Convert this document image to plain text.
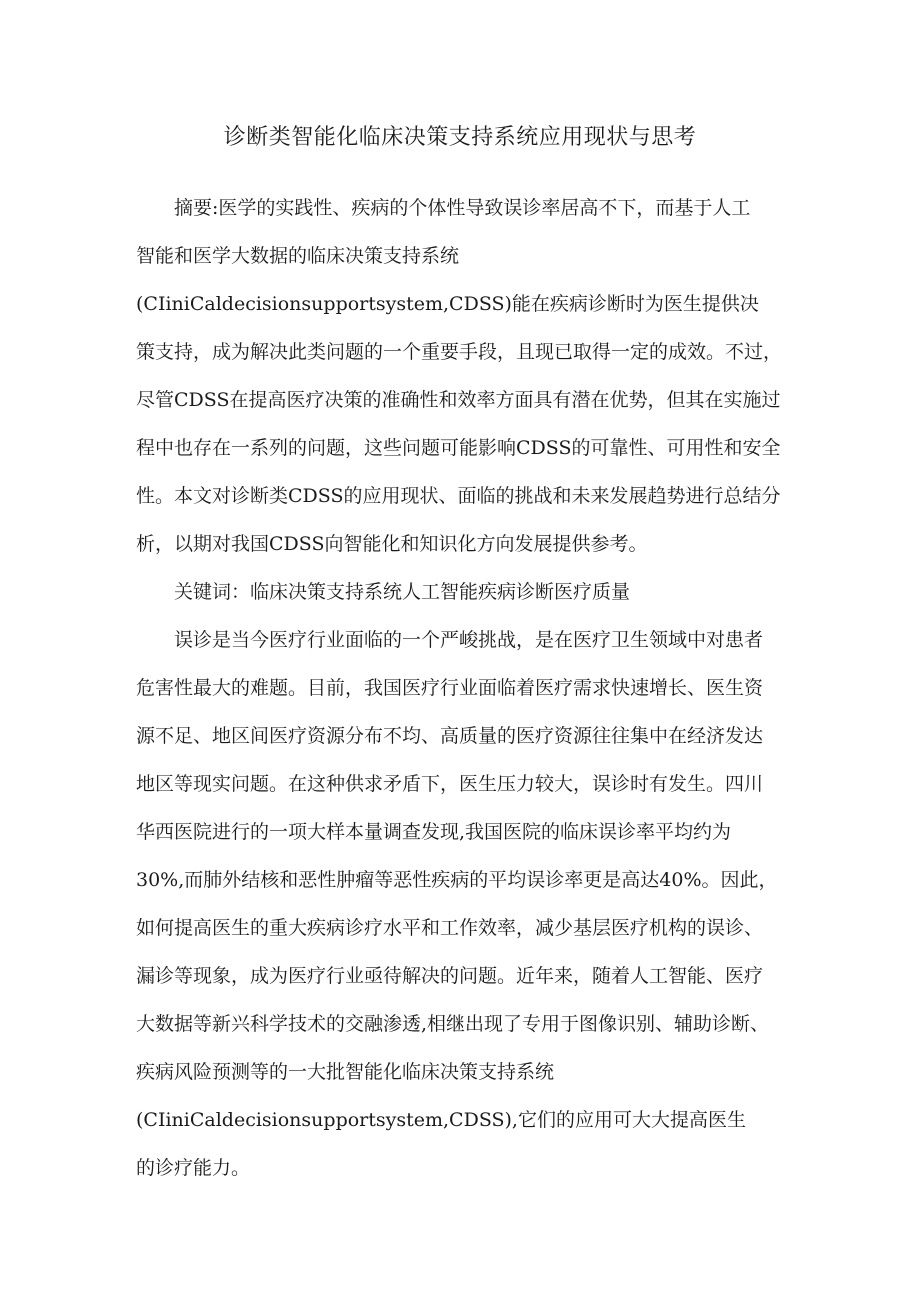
诊断类智能化临床决策支持系统应用现状与思考
摘要:医学的实践性、疾病的个体性导致误诊率居高不下，而基于人工
智能和医学大数据的临床决策支持系统
(CIiniCaldecisionsupportsystem,CDSS)能在疾病诊断时为医生提供决
策支持，成为解决此类问题的一个重要手段，且现已取得一定的成效。不过，
尽管CDSS在提高医疗决策的准确性和效率方面具有潜在优势，但其在实施过
程中也存在一系列的问题，这些问题可能影响CDSS的可靠性、可用性和安全
性。本文对诊断类CDSS的应用现状、面临的挑战和未来发展趋势进行总结分
析，以期对我国CDSS向智能化和知识化方向发展提供参考。
关键词：临床决策支持系统人工智能疾病诊断医疗质量
误诊是当今医疗行业面临的一个严峻挑战，是在医疗卫生领域中对患者
危害性最大的难题。目前，我国医疗行业面临着医疗需求快速增长、医生资
源不足、地区间医疗资源分布不均、高质量的医疗资源往往集中在经济发达
地区等现实问题。在这种供求矛盾下，医生压力较大，误诊时有发生。四川
华西医院进行的一项大样本量调查发现,我国医院的临床误诊率平均约为
30%,而肺外结核和恶性肿瘤等恶性疾病的平均误诊率更是高达40%。因此，
如何提高医生的重大疾病诊疗水平和工作效率，减少基层医疗机构的误诊、
漏诊等现象，成为医疗行业亟待解决的问题。近年来，随着人工智能、医疗
大数据等新兴科学技术的交融渗透,相继出现了专用于图像识别、辅助诊断、
疾病风险预测等的一大批智能化临床决策支持系统
(CIiniCaldecisionsupportsystem,CDSS),它们的应用可大大提高医生
的诊疗能力。
